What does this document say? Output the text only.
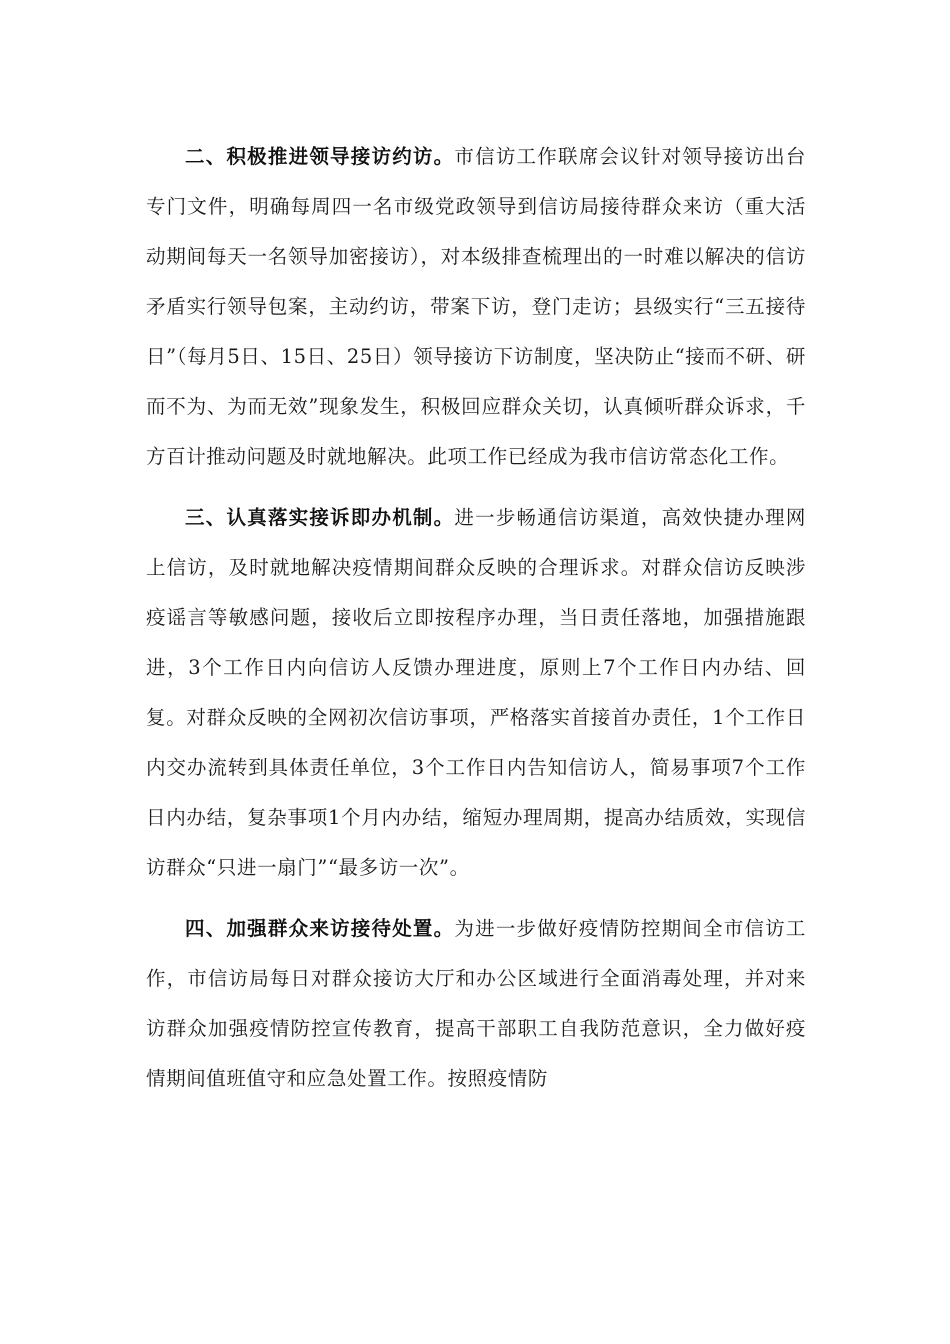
二、积极推进领导接访约访。市信访工作联席会议针对领导接访出台专门文件，明确每周四一名市级党政领导到信访局接待群众来访（重大活动期间每天一名领导加密接访），对本级排查梳理出的一时难以解决的信访矛盾实行领导包案，主动约访，带案下访，登门走访；县级实行“三五接待日”（每月5日、15日、25日）领导接访下访制度，坚决防止“接而不研、研而不为、为而无效”现象发生，积极回应群众关切，认真倾听群众诉求，千方百计推动问题及时就地解决。此项工作已经成为我市信访常态化工作。

三、认真落实接诉即办机制。进一步畅通信访渠道，高效快捷办理网上信访，及时就地解决疫情期间群众反映的合理诉求。对群众信访反映涉疫谣言等敏感问题，接收后立即按程序办理，当日责任落地，加强措施跟进，3个工作日内向信访人反馈办理进度，原则上7个工作日内办结、回复。对群众反映的全网初次信访事项，严格落实首接首办责任，1个工作日内交办流转到具体责任单位，3个工作日内告知信访人，简易事项7个工作日内办结，复杂事项1个月内办结，缩短办理周期，提高办结质效，实现信访群众“只进一扇门”“最多访一次”。

四、加强群众来访接待处置。为进一步做好疫情防控期间全市信访工作，市信访局每日对群众接访大厅和办公区域进行全面消毒处理，并对来访群众加强疫情防控宣传教育，提高干部职工自我防范意识，全力做好疫情期间值班值守和应急处置工作。按照疫情防
